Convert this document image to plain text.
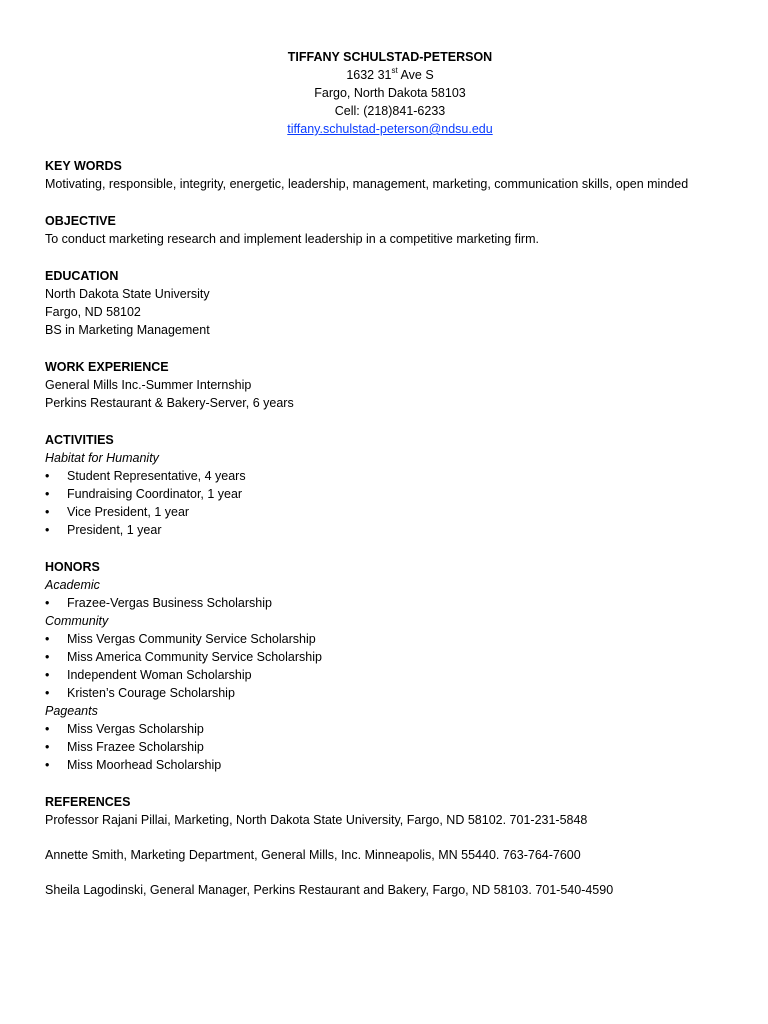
TIFFANY SCHULSTAD-PETERSON
1632 31st Ave S
Fargo, North Dakota 58103
Cell: (218)841-6233
tiffany.schulstad-peterson@ndsu.edu
KEY WORDS
Motivating, responsible, integrity, energetic, leadership, management, marketing, communication skills, open minded
OBJECTIVE
To conduct marketing research and implement leadership in a competitive marketing firm.
EDUCATION
North Dakota State University
Fargo, ND 58102
BS in Marketing Management
WORK EXPERIENCE
General Mills Inc.-Summer Internship
Perkins Restaurant & Bakery-Server, 6 years
ACTIVITIES
Habitat for Humanity
• Student Representative, 4 years
• Fundraising Coordinator, 1 year
• Vice President, 1 year
• President, 1 year
HONORS
Academic
• Frazee-Vergas Business Scholarship
Community
• Miss Vergas Community Service Scholarship
• Miss America Community Service Scholarship
• Independent Woman Scholarship
• Kristen’s Courage Scholarship
Pageants
• Miss Vergas Scholarship
• Miss Frazee Scholarship
• Miss Moorhead Scholarship
REFERENCES
Professor Rajani Pillai, Marketing, North Dakota State University, Fargo, ND 58102. 701-231-5848
Annette Smith, Marketing Department, General Mills, Inc. Minneapolis, MN 55440. 763-764-7600
Sheila Lagodinski, General Manager, Perkins Restaurant and Bakery, Fargo, ND 58103. 701-540-4590
